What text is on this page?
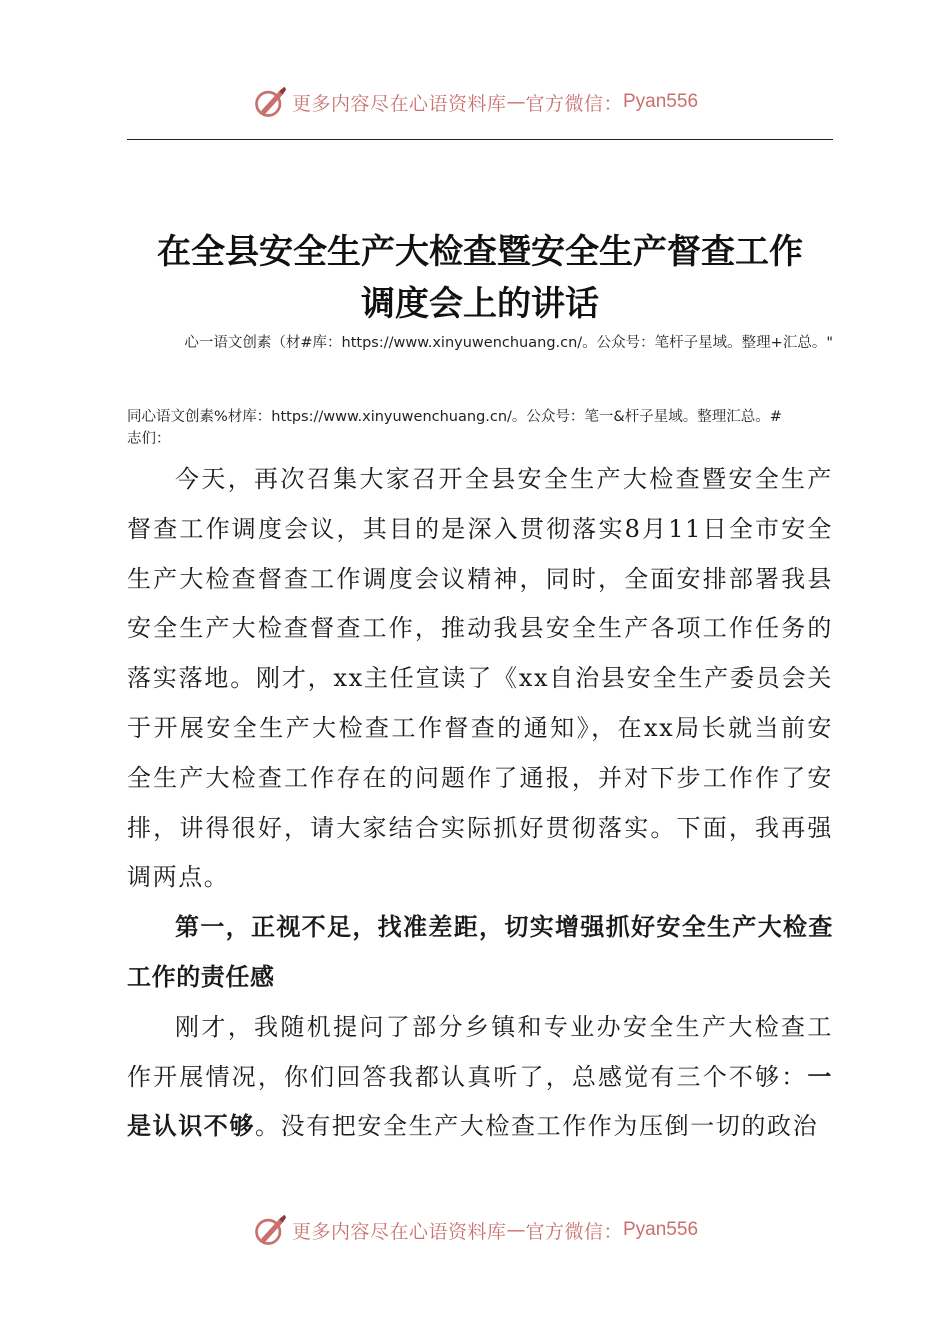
更多内容尽在心语资料库 — 官方微信： Pyan556
在全县安全生产大检查暨安全生产督查工作
调度会上的讲话
心一语文创素（材#库：https://www.xinyuwenchuang.cn/。公众号：笔杆子星域。整理+汇总。"
同心语文创素%材库：https://www.xinyuwenchuang.cn/。公众号：笔一&杆子星域。整理汇总。#
志们：

今天，再次召集大家召开全县安全生产大检查暨安全生产督查工作调度会议，其目的是深入贯彻落实8月11日全市安全生产大检查督查工作调度会议精神，同时，全面安排部署我县安全生产大检查督查工作，推动我县安全生产各项工作任务的落实落地。刚才，xx主任宣读了《xx自治县安全生产委员会关于开展安全生产大检查工作督查的通知》，在xx局长就当前安全生产大检查工作存在的问题作了通报，并对下步工作作了安排，讲得很好，请大家结合实际抓好贯彻落实。下面，我再强调两点。

第一，正视不足，找准差距，切实增强抓好安全生产大检查工作的责任感

刚才，我随机提问了部分乡镇和专业办安全生产大检查工作开展情况，你们回答我都认真听了，总感觉有三个不够：一是认识不够。没有把安全生产大检查工作作为压倒一切的政治

更多内容尽在心语资料库 — 官方微信： Pyan556
